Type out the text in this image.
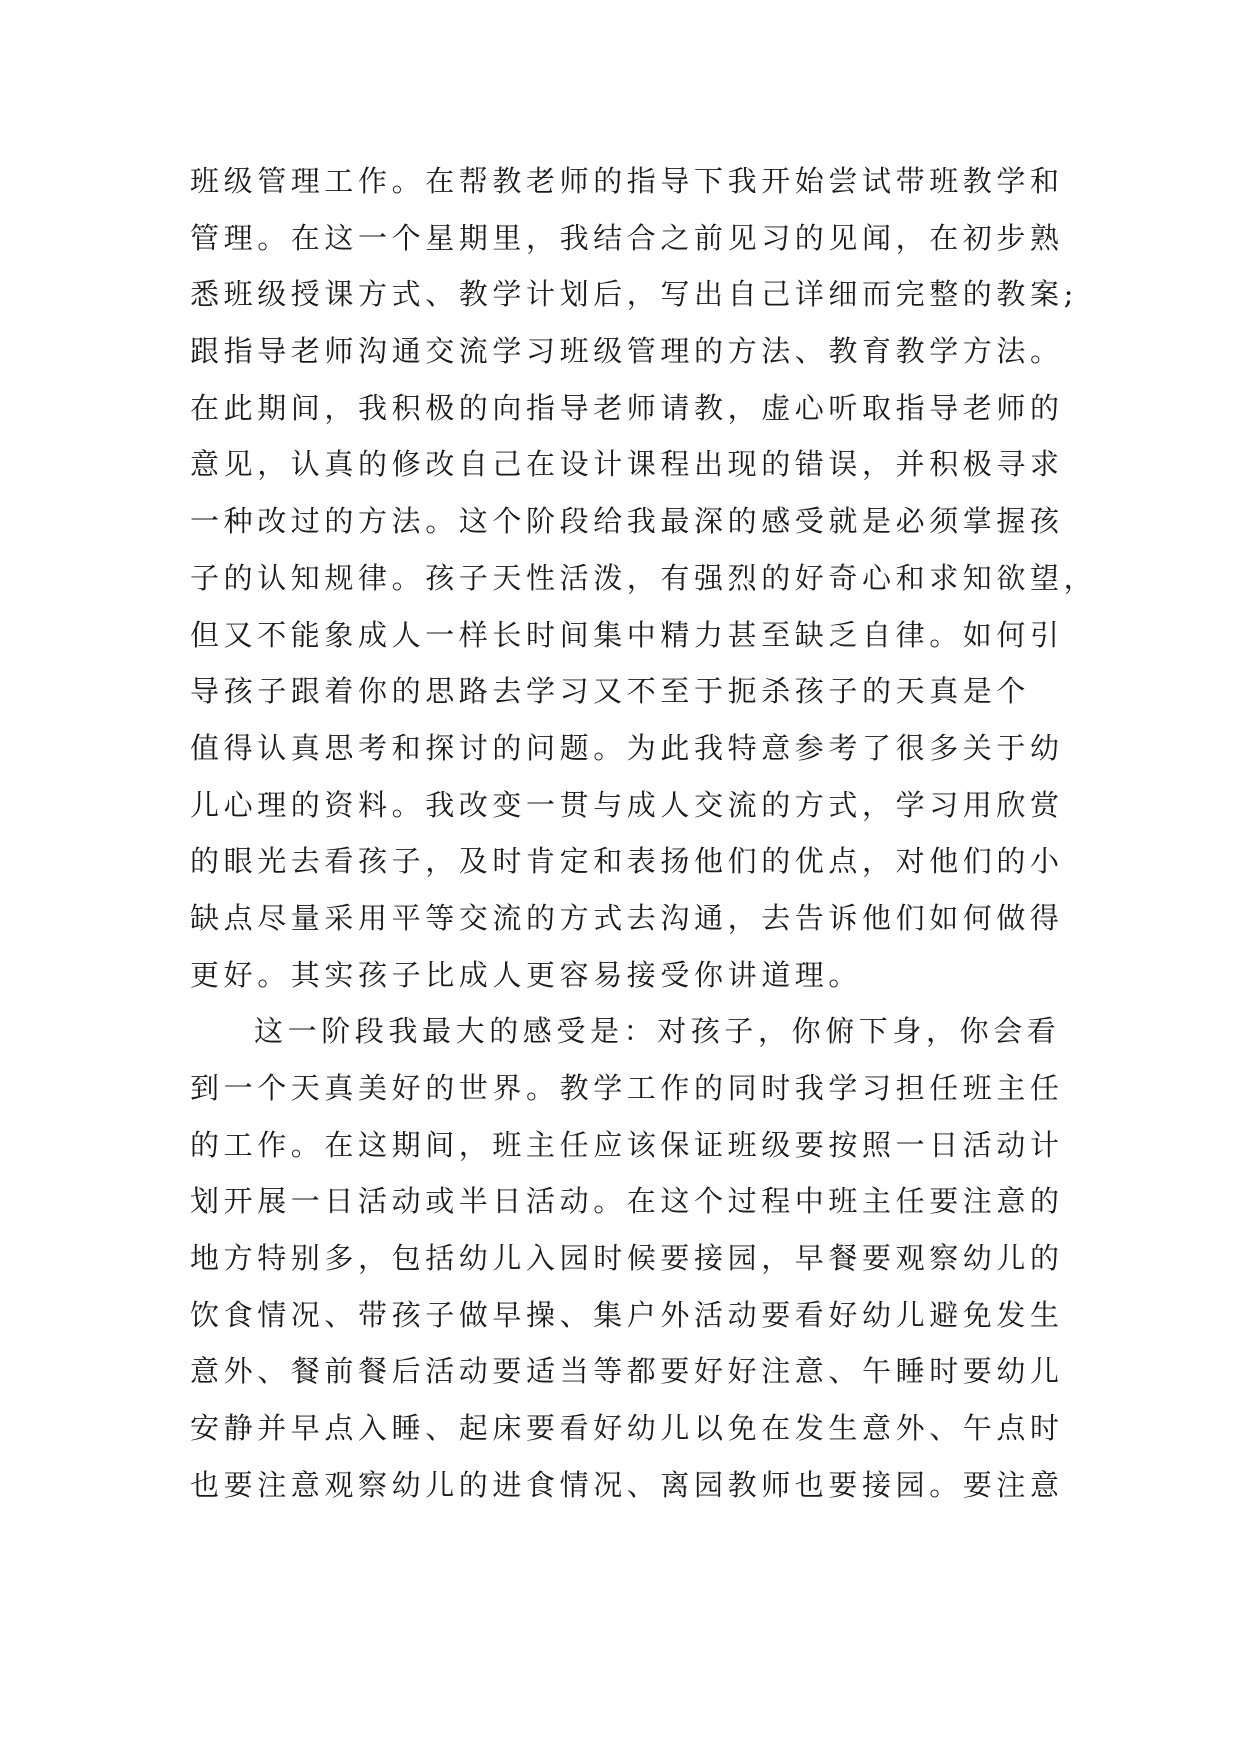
班级管理工作。在帮教老师的指导下我开始尝试带班教学和
管理。在这一个星期里，我结合之前见习的见闻，在初步熟
悉班级授课方式、教学计划后，写出自己详细而完整的教案;
跟指导老师沟通交流学习班级管理的方法、教育教学方法。
在此期间，我积极的向指导老师请教，虚心听取指导老师的
意见，认真的修改自己在设计课程出现的错误，并积极寻求
一种改过的方法。这个阶段给我最深的感受就是必须掌握孩
子的认知规律。孩子天性活泼，有强烈的好奇心和求知欲望，
但又不能象成人一样长时间集中精力甚至缺乏自律。如何引
导孩子跟着你的思路去学习又不至于扼杀孩子的天真是个
值得认真思考和探讨的问题。为此我特意参考了很多关于幼
儿心理的资料。我改变一贯与成人交流的方式，学习用欣赏
的眼光去看孩子，及时肯定和表扬他们的优点，对他们的小
缺点尽量采用平等交流的方式去沟通，去告诉他们如何做得
更好。其实孩子比成人更容易接受你讲道理。
这一阶段我最大的感受是：对孩子，你俯下身，你会看
到一个天真美好的世界。教学工作的同时我学习担任班主任
的工作。在这期间，班主任应该保证班级要按照一日活动计
划开展一日活动或半日活动。在这个过程中班主任要注意的
地方特别多，包括幼儿入园时候要接园，早餐要观察幼儿的
饮食情况、带孩子做早操、集户外活动要看好幼儿避免发生
意外、餐前餐后活动要适当等都要好好注意、午睡时要幼儿
安静并早点入睡、起床要看好幼儿以免在发生意外、午点时
也要注意观察幼儿的进食情况、离园教师也要接园。要注意
